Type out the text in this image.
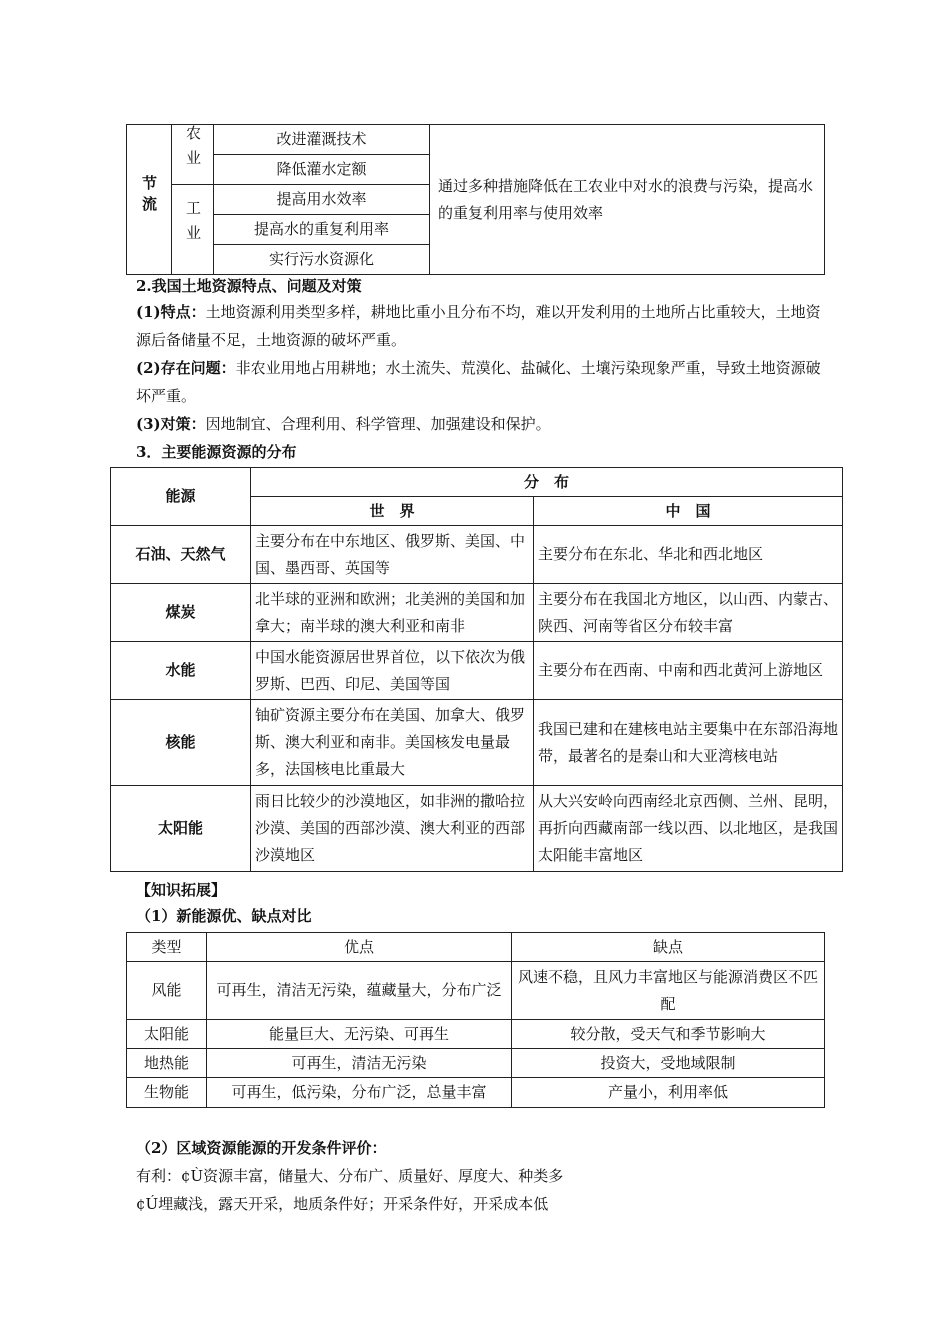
节流	农业	改进灌溉技术	通过多种措施降低在工农业中对水的浪费与污染，提高水的重复利用率与使用效率
		降低灌水定额	
	工业	提高用水效率	
		提高水的重复利用率	
		实行污水资源化	

2.我国土地资源特点、问题及对策

(1)特点：土地资源利用类型多样，耕地比重小且分布不均，难以开发利用的土地所占比重较大，土地资源后备储量不足，土地资源的破坏严重。

(2)存在问题：非农业用地占用耕地；水土流失、荒漠化、盐碱化、土壤污染现象严重，导致土地资源破坏严重。

(3)对策：因地制宜、合理利用、科学管理、加强建设和保护。

3．主要能源资源的分布

能源	分　布	
	世　界	中　国
石油、天然气	主要分布在中东地区、俄罗斯、美国、中国、墨西哥、英国等	主要分布在东北、华北和西北地区
煤炭	北半球的亚洲和欧洲；北美洲的美国和加拿大；南半球的澳大利亚和南非	主要分布在我国北方地区，以山西、内蒙古、陕西、河南等省区分布较丰富
水能	中国水能资源居世界首位，以下依次为俄罗斯、巴西、印尼、美国等国	主要分布在西南、中南和西北黄河上游地区
核能	铀矿资源主要分布在美国、加拿大、俄罗斯、澳大利亚和南非。美国核发电量最多，法国核电比重最大	我国已建和在建核电站主要集中在东部沿海地带，最著名的是秦山和大亚湾核电站
太阳能	雨日比较少的沙漠地区，如非洲的撒哈拉沙漠、美国的西部沙漠、澳大利亚的西部沙漠地区	从大兴安岭向西南经北京西侧、兰州、昆明，再折向西藏南部一线以西、以北地区，是我国太阳能丰富地区

【知识拓展】

（1）新能源优、缺点对比

类型	优点	缺点
风能	可再生，清洁无污染，蕴藏量大，分布广泛	风速不稳，且风力丰富地区与能源消费区不匹配
太阳能	能量巨大、无污染、可再生	较分散，受天气和季节影响大
地热能	可再生，清洁无污染	投资大，受地域限制
生物能	可再生，低污染，分布广泛，总量丰富	产量小，利用率低

（2）区域资源能源的开发条件评价：

有利：¢Ù资源丰富，储量大、分布广、质量好、厚度大、种类多

¢Ú埋藏浅，露天开采，地质条件好；开采条件好，开采成本低
